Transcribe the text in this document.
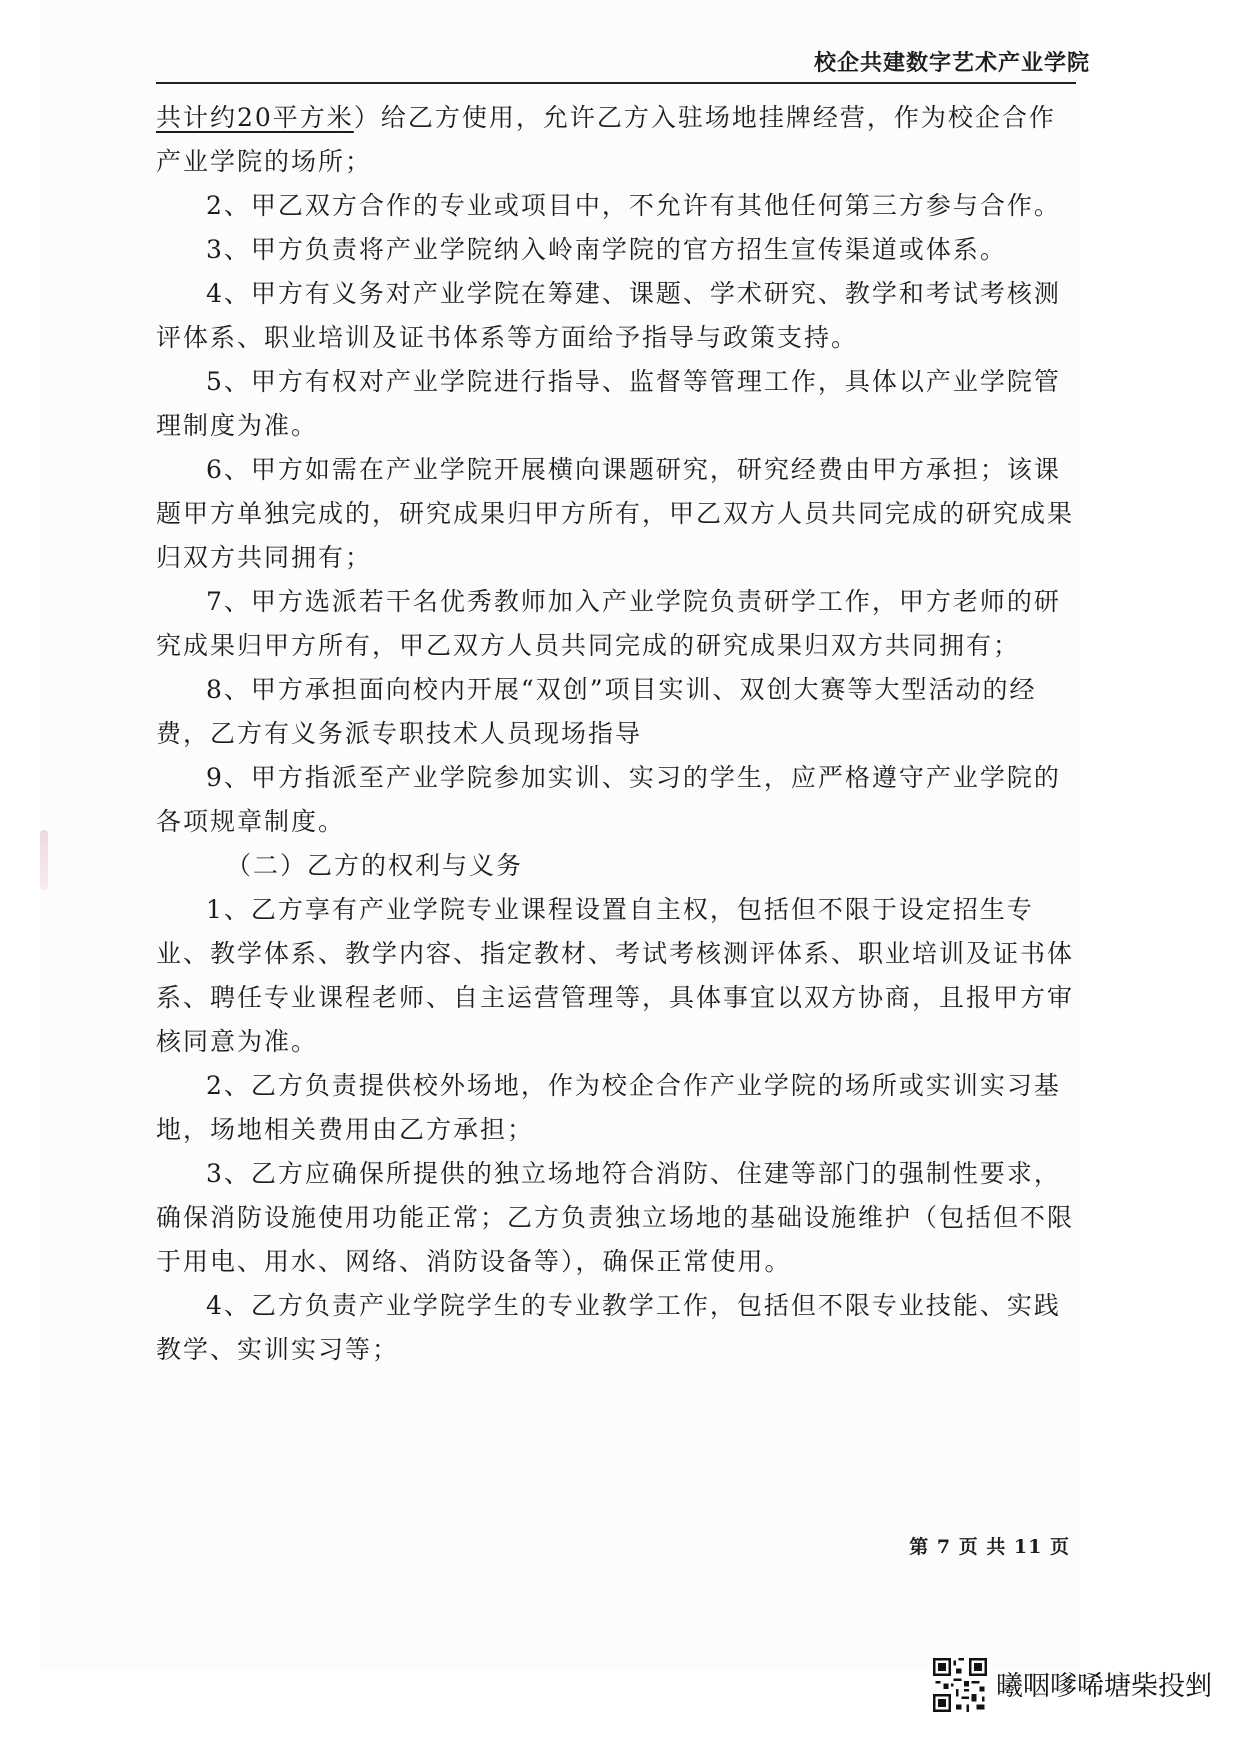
校企共建数字艺术产业学院

共计约20平方米）给乙方使用，允许乙方入驻场地挂牌经营，作为校企合作产业学院的场所；

2、甲乙双方合作的专业或项目中，不允许有其他任何第三方参与合作。

3、甲方负责将产业学院纳入岭南学院的官方招生宣传渠道或体系。

4、甲方有义务对产业学院在筹建、课题、学术研究、教学和考试考核测评体系、职业培训及证书体系等方面给予指导与政策支持。

5、甲方有权对产业学院进行指导、监督等管理工作，具体以产业学院管理制度为准。

6、甲方如需在产业学院开展横向课题研究，研究经费由甲方承担；该课题甲方单独完成的，研究成果归甲方所有，甲乙双方人员共同完成的研究成果归双方共同拥有；

7、甲方选派若干名优秀教师加入产业学院负责研学工作，甲方老师的研究成果归甲方所有，甲乙双方人员共同完成的研究成果归双方共同拥有；

8、甲方承担面向校内开展“双创”项目实训、双创大赛等大型活动的经费，乙方有义务派专职技术人员现场指导

9、甲方指派至产业学院参加实训、实习的学生，应严格遵守产业学院的各项规章制度。

（二）乙方的权利与义务

1、乙方享有产业学院专业课程设置自主权，包括但不限于设定招生专业、教学体系、教学内容、指定教材、考试考核测评体系、职业培训及证书体系、聘任专业课程老师、自主运营管理等，具体事宜以双方协商，且报甲方审核同意为准。

2、乙方负责提供校外场地，作为校企合作产业学院的场所或实训实习基地，场地相关费用由乙方承担；

3、乙方应确保所提供的独立场地符合消防、住建等部门的强制性要求，确保消防设施使用功能正常；乙方负责独立场地的基础设施维护（包括但不限于用电、用水、网络、消防设备等），确保正常使用。

4、乙方负责产业学院学生的专业教学工作，包括但不限专业技能、实践教学、实训实习等；

第 7 页 共 11 页
曦咽嗲唏塘柴投剉
